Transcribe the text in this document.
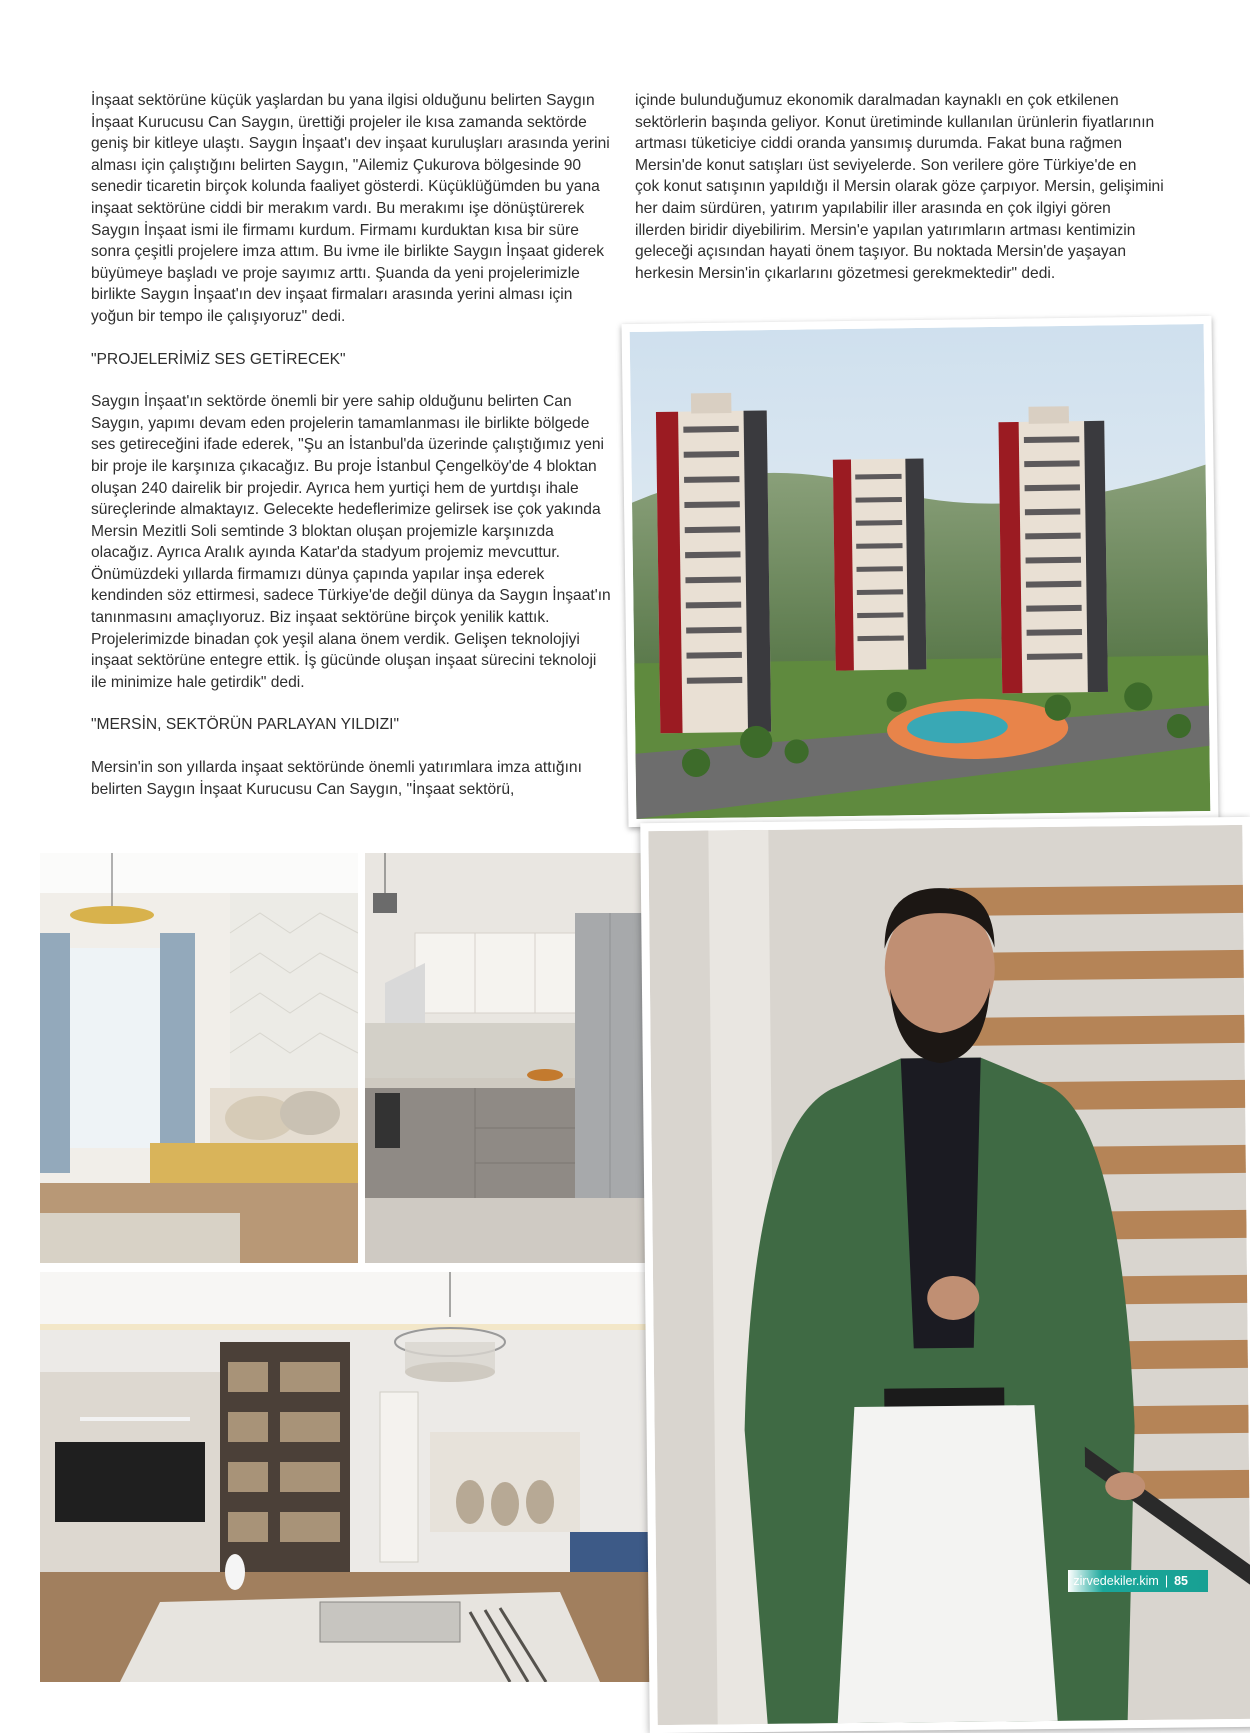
İnşaat sektörüne küçük yaşlardan bu yana ilgisi olduğunu belirten Saygın İnşaat Kurucusu Can Saygın, ürettiği projeler ile kısa zamanda sektörde geniş bir kitleye ulaştı. Saygın İnşaat'ı dev inşaat kuruluşları arasında yerini alması için çalıştığını belirten Saygın, "Ailemiz Çukurova bölgesinde 90 senedir ticaretin birçok kolunda faaliyet gösterdi. Küçüklüğümden bu yana inşaat sektörüne ciddi bir merakım vardı. Bu merakımı işe dönüştürerek Saygın İnşaat ismi ile firmamı kurdum. Firmamı kurduktan kısa bir süre sonra çeşitli projelere imza attım. Bu ivme ile birlikte Saygın İnşaat giderek büyümeye başladı ve proje sayımız arttı. Şuanda da yeni projelerimizle birlikte Saygın İnşaat'ın dev inşaat firmaları arasında yerini alması için yoğun bir tempo ile çalışıyoruz" dedi.

"PROJELERİMİZ SES GETİRECEK"

Saygın İnşaat'ın sektörde önemli bir yere sahip olduğunu belirten Can Saygın, yapımı devam eden projelerin tamamlanması ile birlikte bölgede ses getireceğini ifade ederek, "Şu an İstanbul'da üzerinde çalıştığımız yeni bir proje ile karşınıza çıkacağız. Bu proje İstanbul Çengelköy'de 4 bloktan oluşan 240 dairelik bir projedir. Ayrıca hem yurtiçi hem de yurtdışı ihale süreçlerinde almaktayız. Gelecekte hedeflerimize gelirsek ise çok yakında Mersin Mezitli Soli semtinde 3 bloktan oluşan projemizle karşınızda olacağız. Ayrıca Aralık ayında Katar'da stadyum projemiz mevcuttur. Önümüzdeki yıllarda firmamızı dünya çapında yapılar inşa ederek kendinden söz ettirmesi, sadece Türkiye'de değil dünya da Saygın İnşaat'ın tanınmasını amaçlıyoruz. Biz inşaat sektörüne birçok yenilik kattık. Projelerimizde binadan çok yeşil alana önem verdik. Gelişen teknolojiyi inşaat sektörüne entegre ettik. İş gücünde oluşan inşaat sürecini teknoloji ile minimize hale getirdik" dedi.

"MERSİN, SEKTÖRÜN PARLAYAN YILDIZI"

Mersin'in son yıllarda inşaat sektöründe önemli yatırımlara imza attığını belirten Saygın İnşaat Kurucusu Can Saygın, "İnşaat sektörü,

içinde bulunduğumuz ekonomik daralmadan kaynaklı en çok etkilenen sektörlerin başında geliyor. Konut üretiminde kullanılan ürünlerin fiyatlarının artması tüketiciye ciddi oranda yansımış durumda. Fakat buna rağmen Mersin'de konut satışları üst seviyelerde. Son verilere göre Türkiye'de en çok konut satışının yapıldığı il Mersin olarak göze çarpıyor. Mersin, gelişimini her daim sürdüren, yatırım yapılabilir iller arasında en çok ilgiyi gören illerden biridir diyebilirim. Mersin'e yapılan yatırımların artması kentimizin geleceği açısından hayati önem taşıyor. Bu noktada Mersin'de yaşayan herkesin Mersin'in çıkarlarını gözetmesi gerekmektedir" dedi.

zirvedekiler.kim | 85
